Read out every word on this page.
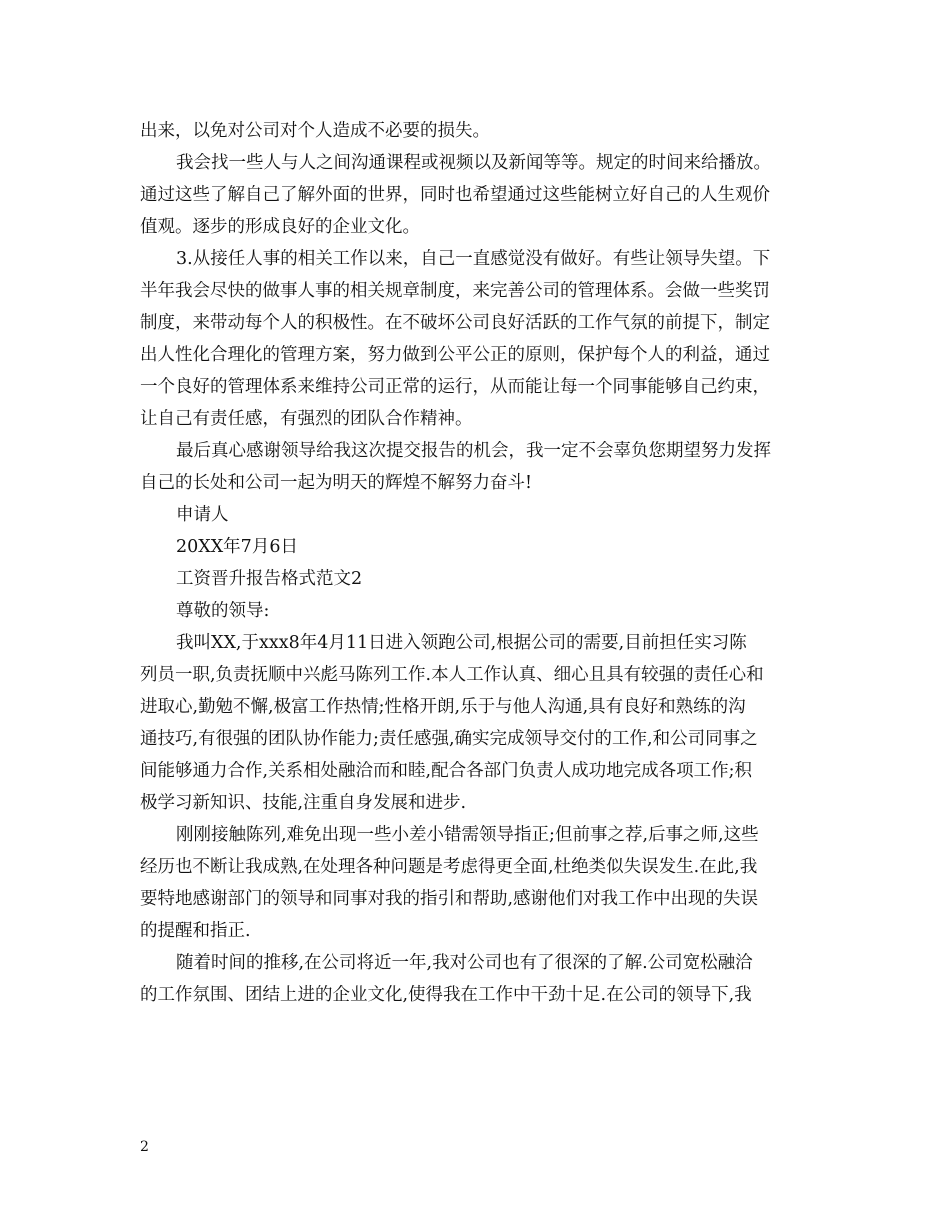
出来，以免对公司对个人造成不必要的损失。
我会找一些人与人之间沟通课程或视频以及新闻等等。规定的时间来给播放。
通过这些了解自己了解外面的世界，同时也希望通过这些能树立好自己的人生观价
值观。逐步的形成良好的企业文化。
3.从接任人事的相关工作以来，自己一直感觉没有做好。有些让领导失望。下
半年我会尽快的做事人事的相关规章制度，来完善公司的管理体系。会做一些奖罚
制度，来带动每个人的积极性。在不破坏公司良好活跃的工作气氛的前提下，制定
出人性化合理化的管理方案，努力做到公平公正的原则，保护每个人的利益，通过
一个良好的管理体系来维持公司正常的运行，从而能让每一个同事能够自己约束，
让自己有责任感，有强烈的团队合作精神。
最后真心感谢领导给我这次提交报告的机会，我一定不会辜负您期望努力发挥
自己的长处和公司一起为明天的辉煌不解努力奋斗!
申请人
20XX年7月6日
工资晋升报告格式范文2
尊敬的领导:
我叫XX,于xxx8年4月11日进入领跑公司,根据公司的需要,目前担任实习陈
列员一职,负责抚顺中兴彪马陈列工作.本人工作认真、细心且具有较强的责任心和
进取心,勤勉不懈,极富工作热情;性格开朗,乐于与他人沟通,具有良好和熟练的沟
通技巧,有很强的团队协作能力;责任感强,确实完成领导交付的工作,和公司同事之
间能够通力合作,关系相处融洽而和睦,配合各部门负责人成功地完成各项工作;积
极学习新知识、技能,注重自身发展和进步.
刚刚接触陈列,难免出现一些小差小错需领导指正;但前事之荐,后事之师,这些
经历也不断让我成熟,在处理各种问题是考虑得更全面,杜绝类似失误发生.在此,我
要特地感谢部门的领导和同事对我的指引和帮助,感谢他们对我工作中出现的失误
的提醒和指正.
随着时间的推移,在公司将近一年,我对公司也有了很深的了解.公司宽松融洽
的工作氛围、团结上进的企业文化,使得我在工作中干劲十足.在公司的领导下,我
2
